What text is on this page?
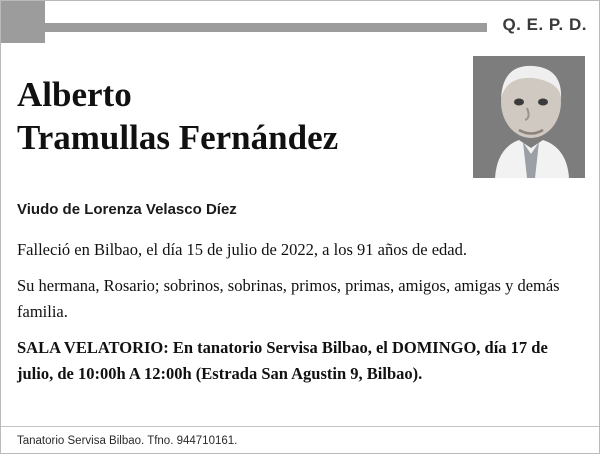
Q. E. P. D.
Alberto
Tramullas Fernández
Viudo de Lorenza Velasco Díez

Falleció en Bilbao, el día 15 de julio de 2022, a los 91 años de edad.

Su hermana, Rosario; sobrinos, sobrinas, primos, primas, amigos, amigas y demás familia.

SALA VELATORIO: En tanatorio Servisa Bilbao, el DOMINGO, día 17 de julio, de 10:00h A 12:00h (Estrada San Agustin 9, Bilbao).

Tanatorio Servisa Bilbao. Tfno. 944710161.
